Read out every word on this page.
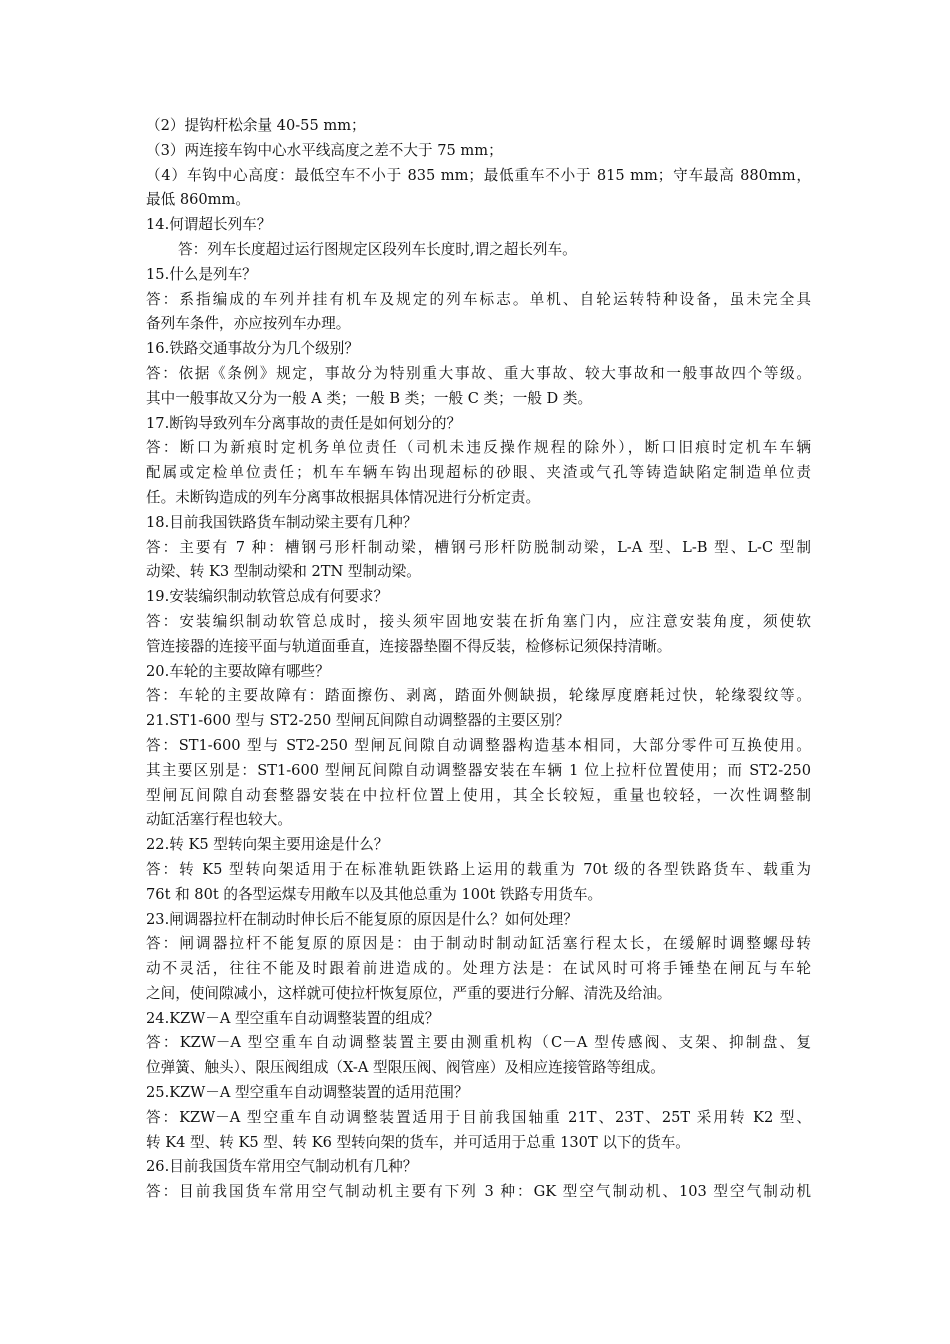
（2）提钩杆松余量 40-55 mm；
（3）两连接车钩中心水平线高度之差不大于 75 mm；
（4）车钩中心高度：最低空车不小于 835 mm；最低重车不小于 815 mm；守车最高 880mm，
最低 860mm。
14.何谓超长列车？
答：列车长度超过运行图规定区段列车长度时,谓之超长列车。
15.什么是列车？
答：系指编成的车列并挂有机车及规定的列车标志。单机、自轮运转特种设备，虽未完全具
备列车条件，亦应按列车办理。
16.铁路交通事故分为几个级别？
答：依据《条例》规定，事故分为特别重大事故、重大事故、较大事故和一般事故四个等级。
其中一般事故又分为一般 A 类；一般 B 类；一般 C 类；一般 D 类。
17.断钩导致列车分离事故的责任是如何划分的？
答：断口为新痕时定机务单位责任（司机未违反操作规程的除外），断口旧痕时定机车车辆
配属或定检单位责任；机车车辆车钩出现超标的砂眼、夹渣或气孔等铸造缺陷定制造单位责
任。未断钩造成的列车分离事故根据具体情况进行分析定责。
18.目前我国铁路货车制动梁主要有几种？
答：主要有 7 种：槽钢弓形杆制动梁，槽钢弓形杆防脱制动梁，L-A 型、L-B 型、L-C 型制
动梁、转 K3 型制动梁和 2TN 型制动梁。
19.安装编织制动软管总成有何要求？
答：安装编织制动软管总成时，接头须牢固地安装在折角塞门内，应注意安装角度，须使软
管连接器的连接平面与轨道面垂直，连接器垫圈不得反装，检修标记须保持清晰。
20.车轮的主要故障有哪些？
答：车轮的主要故障有：踏面擦伤、剥离，踏面外侧缺损，轮缘厚度磨耗过快，轮缘裂纹等。
21.ST1-600 型与 ST2-250 型闸瓦间隙自动调整器的主要区别？
答：ST1-600 型与 ST2-250 型闸瓦间隙自动调整器构造基本相同，大部分零件可互换使用。
其主要区别是：ST1-600 型闸瓦间隙自动调整器安装在车辆 1 位上拉杆位置使用；而 ST2-250
型闸瓦间隙自动套整器安装在中拉杆位置上使用，其全长较短，重量也较轻，一次性调整制
动缸活塞行程也较大。
22.转 K5 型转向架主要用途是什么？
答：转 K5 型转向架适用于在标准轨距铁路上运用的载重为 70t 级的各型铁路货车、载重为
76t 和 80t 的各型运煤专用敞车以及其他总重为 100t 铁路专用货车。
23.闸调器拉杆在制动时伸长后不能复原的原因是什么？如何处理？
答：闸调器拉杆不能复原的原因是：由于制动时制动缸活塞行程太长，在缓解时调整螺母转
动不灵活，往往不能及时跟着前进造成的。处理方法是：在试风时可将手锤垫在闸瓦与车轮
之间，使间隙减小，这样就可使拉杆恢复原位，严重的要进行分解、清洗及给油。
24.KZW－A 型空重车自动调整装置的组成？
答：KZW－A 型空重车自动调整装置主要由测重机构（C－A 型传感阀、支架、抑制盘、复
位弹簧、触头）、限压阀组成（X-A 型限压阀、阀管座）及相应连接管路等组成。
25.KZW－A 型空重车自动调整装置的适用范围？
答：KZW－A 型空重车自动调整装置适用于目前我国轴重 21T、23T、25T 采用转 K2 型、
转 K4 型、转 K5 型、转 K6 型转向架的货车，并可适用于总重 130T 以下的货车。
26.目前我国货车常用空气制动机有几种？
答：目前我国货车常用空气制动机主要有下列 3 种：GK 型空气制动机、103 型空气制动机
